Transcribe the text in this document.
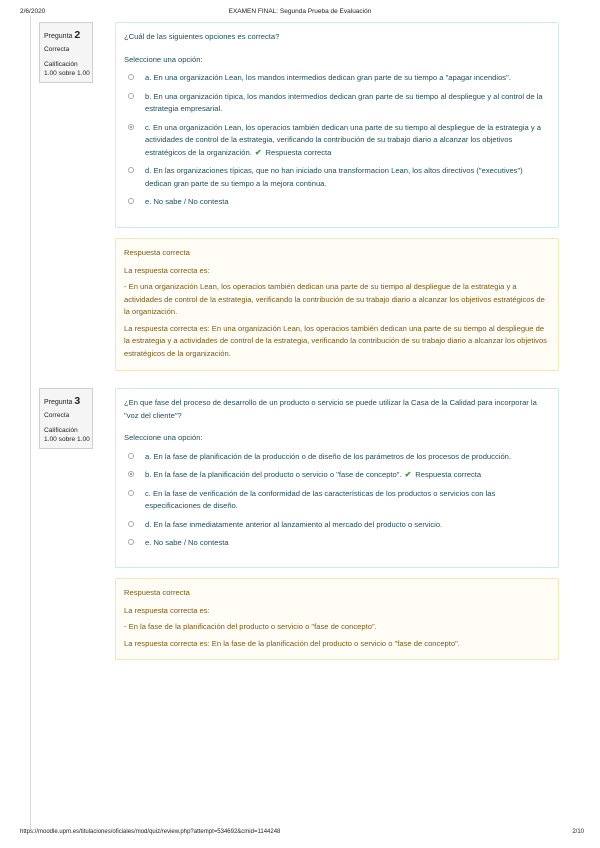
2/6/2020	EXAMEN FINAL: Segunda Prueba de Evaluación
Pregunta 2
Correcta
Calificación 1.00 sobre 1.00
¿Cuál de las siguientes opciones es correcta?
Seleccione una opción:
a. En una organización Lean, los mandos intermedios dedican gran parte de su tiempo a "apagar incendios".
b. En una organización típica, los mandos intermedios dedican gran parte de su tiempo al despliegue y al control de la estrategia empresarial.
c. En una organización Lean, los operacios también dedican una parte de su tiempo al despliegue de la estrategia y a actividades de control de la estrategia, verificando la contribución de su trabajo diario a alcanzar los objetivos estratégicos de la organización. ✔ Respuesta correcta
d. En las organizaciones típicas, que no han iniciado una transformacion Lean, los altos directivos ("executives") dedican gran parte de su tiempo a la mejora continua.
e. No sabe / No contesta
Respuesta correcta
La respuesta correcta es:
- En una organización Lean, los operacios también dedican una parte de su tiempo al despliegue de la estrategia y a actividades de control de la estrategia, verificando la contribución de su trabajo diario a alcanzar los objetivos estratégicos de la organización.
La respuesta correcta es: En una organización Lean, los operacios también dedican una parte de su tiempo al despliegue de la estrategia y a actividades de control de la estrategia, verificando la contribución de su trabajo diario a alcanzar los objetivos estratégicos de la organización.
Pregunta 3
Correcta
Calificación 1.00 sobre 1.00
¿En que fase del proceso de desarrollo de un producto o servicio se puede utilizar la Casa de la Calidad para incorporar la "voz del cliente"?
Seleccione una opción:
a. En la fase de planificación de la producción o de diseño de los parámetros de los procesos de producción.
b. En la fase de la planificación del producto o servicio o "fase de concepto". ✔ Respuesta correcta
c. En la fase de verificación de la conformidad de las características de los productos o servicios con las especificaciones de diseño.
d. En la fase inmediatamente anterior al lanzamiento al mercado del producto o servicio.
e. No sabe / No contesta
Respuesta correcta
La respuesta correcta es:
- En la fase de la planificación del producto o servicio o "fase de concepto".
La respuesta correcta es: En la fase de la planificación del producto o servicio o "fase de concepto".
https://moodle.upm.es/titulaciones/oficiales/mod/quiz/review.php?attempt=534692&cmid=1144248	2/10
